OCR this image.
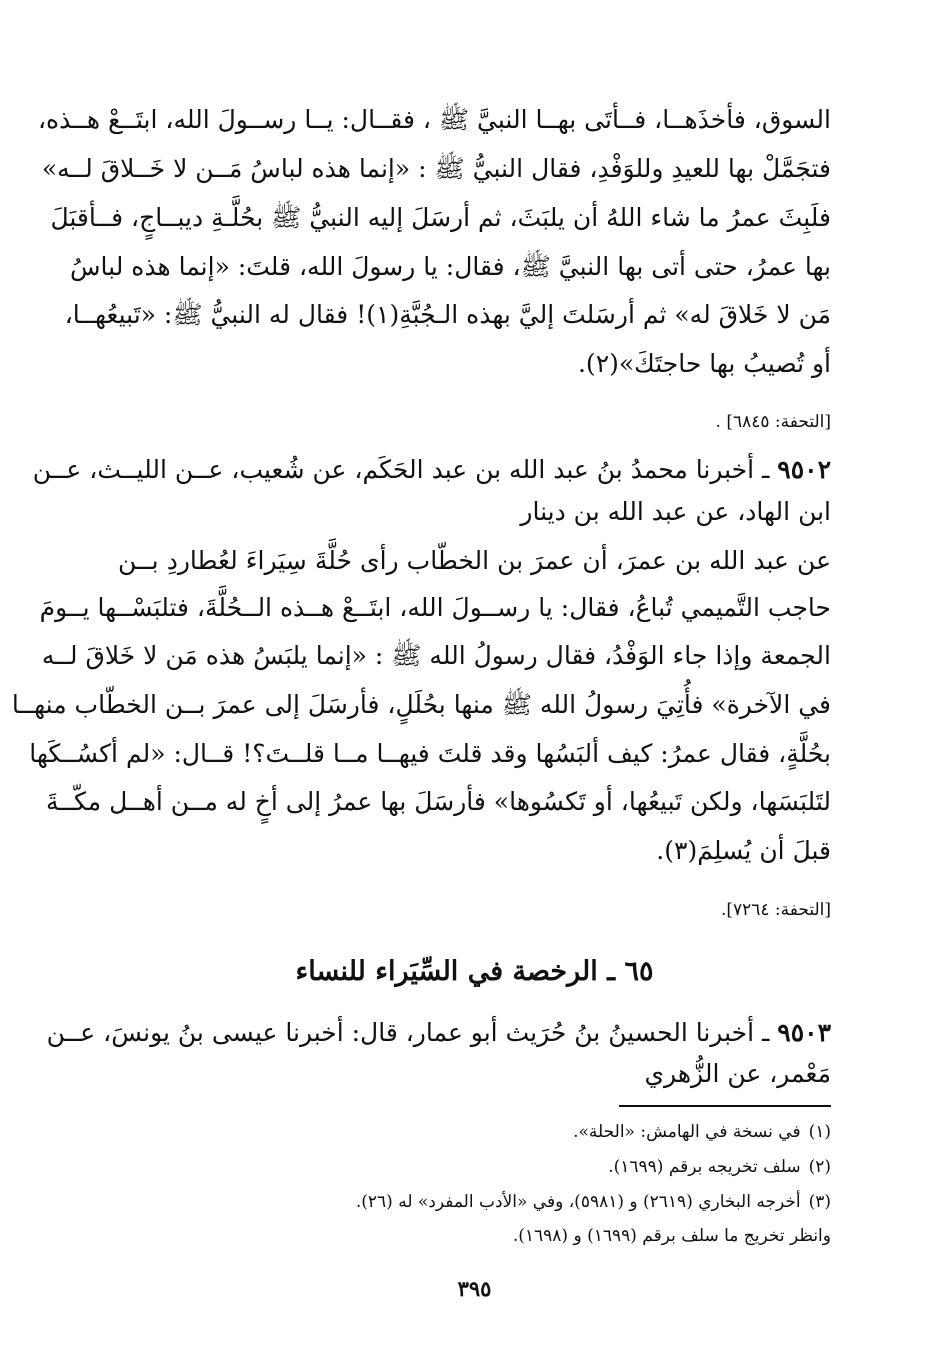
السوق، فأخذَهــا، فــأتَى بهــا النبيَّ ﷺ ، فقــال: يــا رســولَ الله، ابتَــعْ هــذه،

فتجَمَّلْ بها للعيدِ وللوَفْدِ، فقال النبيُّ ﷺ : «إنما هذه لباسُ مَــن لا خَــلاقَ لــه»

فلَبِثَ عمرُ ما شاء اللهُ أن يلبَثَ، ثم أرسَلَ إليه النبيُّ ﷺ بحُلَّـةِ ديبــاجٍ، فــأقبَلَ

بها عمرُ، حتى أتى بها النبيَّ ﷺ، فقال: يا رسولَ الله، قلتَ: «إنما هذه لباسُ

مَن لا خَلاقَ له» ثم أرسَلتَ إليَّ بهذه الـجُبَّةِ(١)! فقال له النبيُّ ﷺ: «تَبيعُهــا،

أو تُصيبُ بها حاجتَكَ»(٢).

[التحفة: ٦٨٤٥] .

٩٥٠٢ ـ أخبرنا محمدُ بنُ عبد الله بن عبد الحَكَم، عن شُعيب، عــن الليــث، عــن

ابن الهاد، عن عبد الله بن دينار

عن عبد الله بن عمرَ، أن عمرَ بن الخطّاب رأى حُلَّةَ سِيَراءَ لعُطاردِ بــن

حاجب التَّميمي تُباعُ، فقال: يا رســولَ الله، ابتَــعْ هــذه الــحُلَّةَ، فتلبَسْــها يــومَ

الجمعة وإذا جاء الوَفْدُ، فقال رسولُ الله ﷺ : «إنما يلبَسُ هذه مَن لا خَلاقَ لــه

في الآخرة» فأُتِيَ رسولُ الله ﷺ منها بحُلَلٍ، فأرسَلَ إلى عمرَ بــن الخطّاب منهــا

بحُلَّةٍ، فقال عمرُ: كيف ألبَسُها وقد قلتَ فيهــا مــا قلــتَ؟! قــال: «لم أكسُــكَها

لتَلبَسَها، ولكن تَبيعُها، أو تَكسُوها» فأرسَلَ بها عمرُ إلى أخٍ له مــن أهــل مكّــةَ

قبلَ أن يُسلِمَ(٣).

[التحفة: ٧٢٦٤].

٦٥ ـ الرخصة في السِّيَراء للنساء

٩٥٠٣ ـ أخبرنا الحسينُ بنُ حُرَيث أبو عمار، قال: أخبرنا عيسى بنُ يونسَ، عــن

مَعْمر، عن الزُّهري

(١)في نسخة في الهامش: «الحلة».

(٢)سلف تخريجه برقم (١٦٩٩).

(٣)أخرجه البخاري (٢٦١٩) و (٥٩٨١)، وفي «الأدب المفرد» له (٢٦).

وانظر تخريج ما سلف برقم (١٦٩٩) و (١٦٩٨).

٣٩٥
